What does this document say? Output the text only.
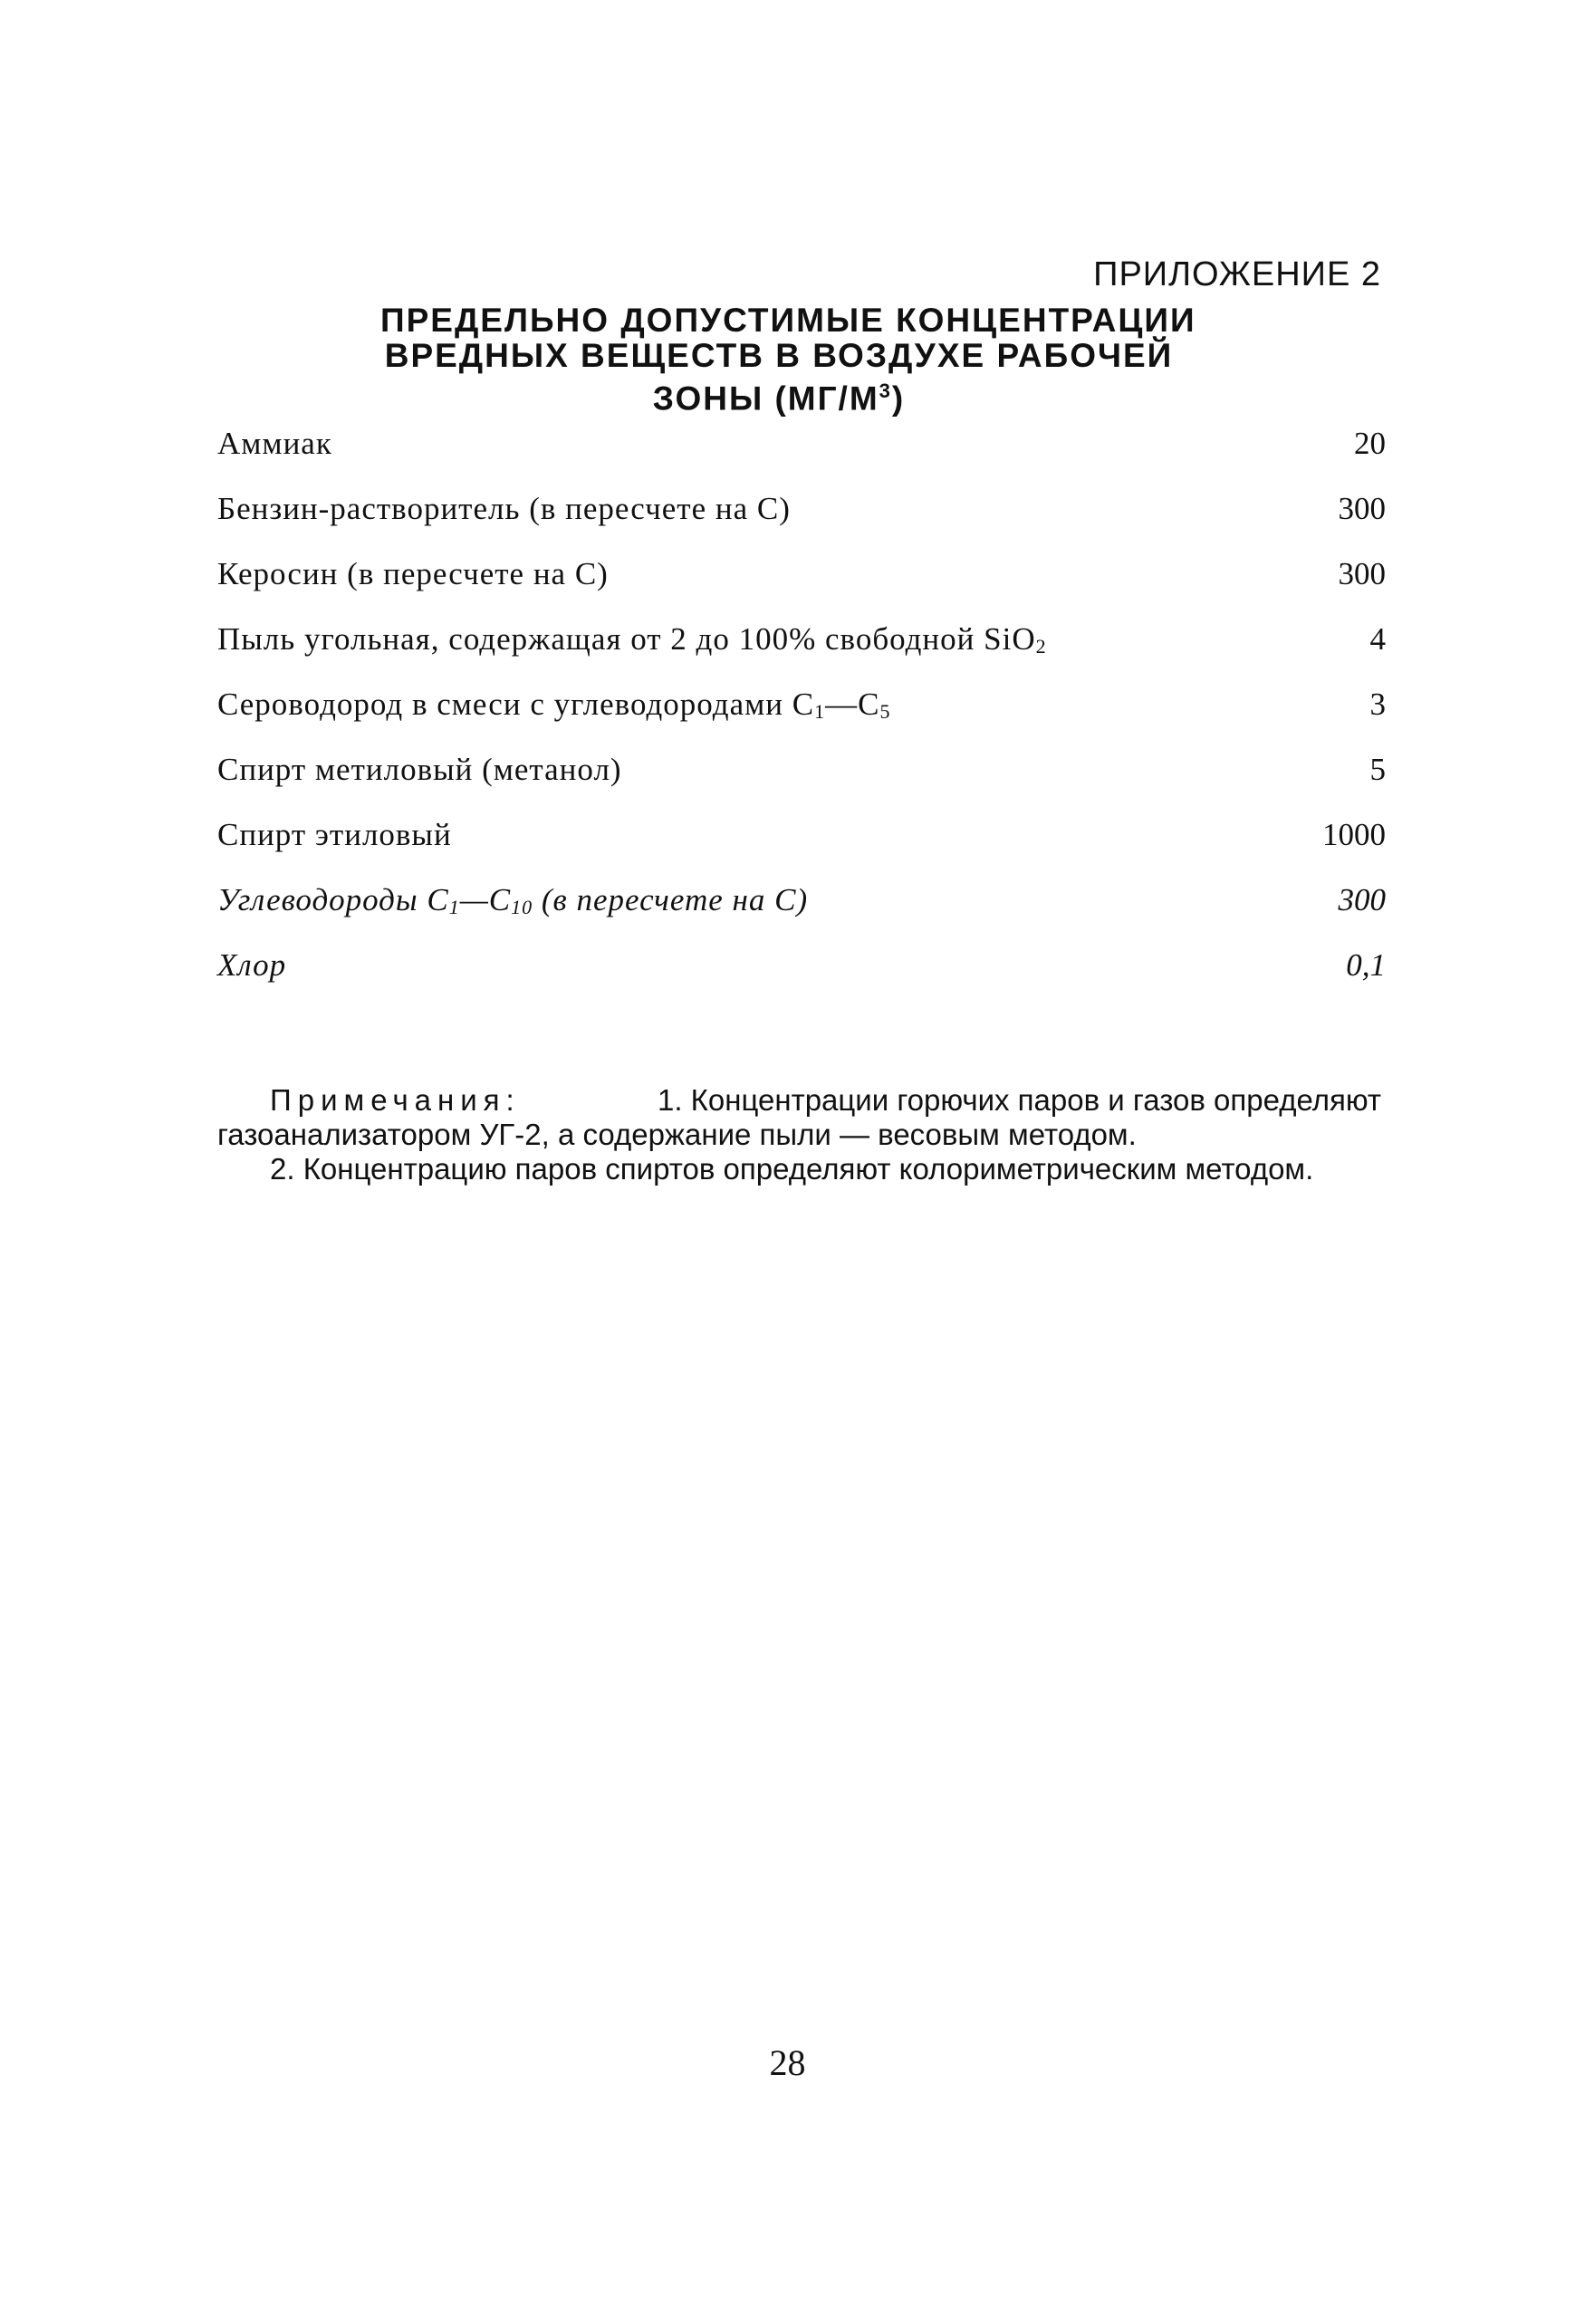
ПРИЛОЖЕНИЕ 2
ПРЕДЕЛЬНО ДОПУСТИМЫЕ КОНЦЕНТРАЦИИ
ВРЕДНЫХ ВЕЩЕСТВ В ВОЗДУХЕ РАБОЧЕЙ
ЗОНЫ $(МГ/М^3)$
Аммиак	20
Бензин-растворитель (в пересчете на С)	300
Керосин (в пересчете на С)	300
Пыль угольная, содержащая от 2 до 100% свободной SiO$_2$	4
Сероводород в смеси с углеводородами $C_1—C_5$	3
Спирт метиловый (метанол)	5
Спирт этиловый	1000
Углеводороды $C_1—C_{10}$ (в пересчете на С)	300
Хлор	0,1
Примечания:	1. Концентрации горючих паров и газов определяют
газоанализатором УГ-2, а содержание пыли — весовым методом.
2. Концентрацию паров спиртов определяют колориметрическим методом.
28
